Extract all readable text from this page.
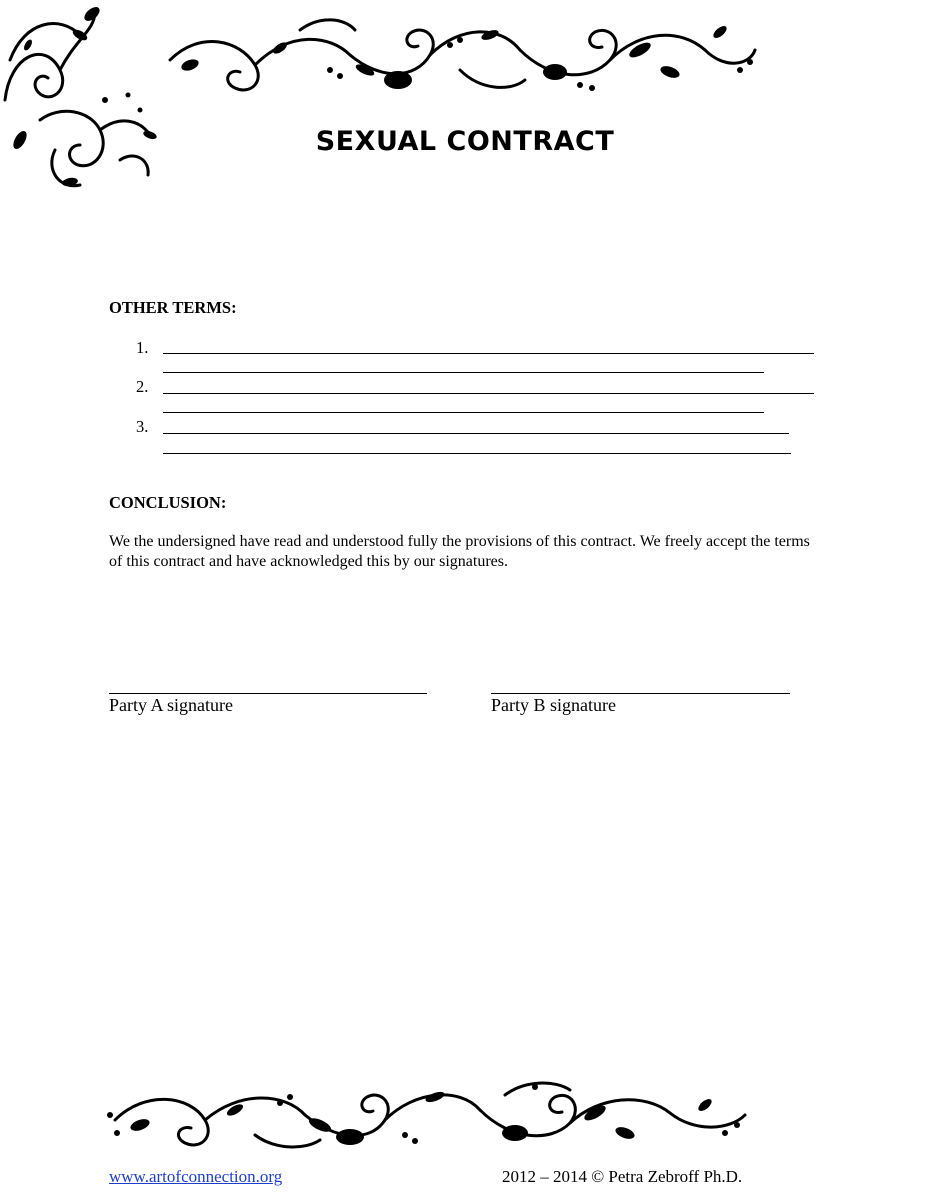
SEXUAL CONTRACT
OTHER TERMS:
1.
2.
3.
CONCLUSION:
We the undersigned have read and understood fully the provisions of this contract. We freely accept the terms of this contract and have acknowledged this by our signatures.
Party A signature	Party B signature
www.artofconnection.org	2012 – 2014 © Petra Zebroff Ph.D.
